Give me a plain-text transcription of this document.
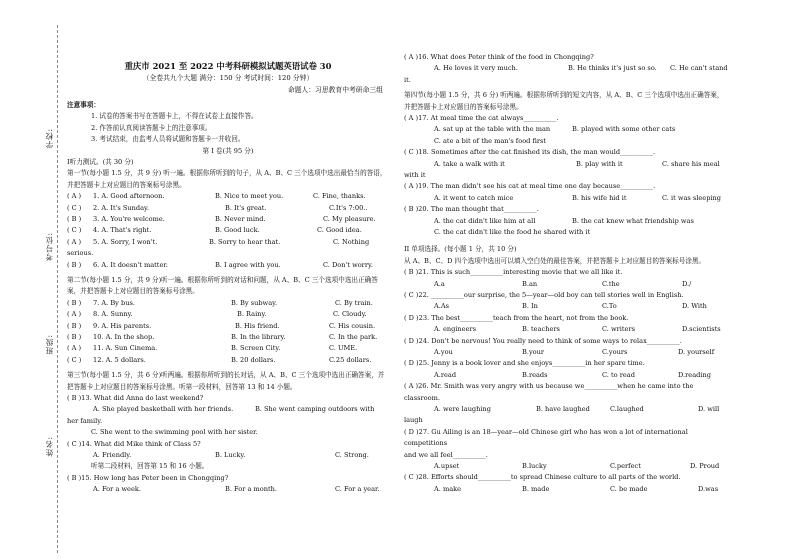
学校:
考号位:
班级:
姓名:
重庆市 2021 至 2022 中考科研模拟试题英语试卷 30
（全卷共九个大题 满分：150 分 考试时间：120 分钟）
命题人：习思教育中考研命三组
注意事项：
1. 试卷的答案书写在答题卡上，不得在试卷上直接作答。
2. 作答前认真阅读答题卡上的注意事项。
3. 考试结束，由监考人员将试题和答题卡一并收回。
第 I 卷(共 95 分)
I听力测试。(共 30 分)
第一节(每小题 1.5 分，共 9 分) 听一遍。根据你所听到的句子，从 A、B、C 三个选项中选出最恰当的答语，并把答题卡上对应题目的答案标号涂黑。
( A ) 1. A. Good afternoon.	B. Nice to meet you.	C. Fine, thanks.
( C ) 2. A. It's Sunday.	B. It's great.	C.It's 7:00..
( B ) 3. A. You're welcome.	B. Never mind.	C. My pleasure.
( C ) 4. A. That's right.	B. Good luck.	C. Good idea.
( A ) 5. A. Sorry, I won't.	B. Sorry to hear that.	C. Nothing
serious.
( B ) 6. A. It doesn't matter.	B. I agree with you.	C. Don't worry.
第二节(每小题 1.5 分，共 9 分)听一遍。根据你所听到的对话和问题，从 A、B、C 三个选项中选出正确答案，并把答题卡上对应题目的答案标号涂黑。
( B ) 7. A. By bus.	B. By subway.	C. By train.
( A ) 8. A. Sunny.	B. Rainy.	C. Cloudy.
( B ) 9. A. His parents.	B. His friend.	C. His cousin.
( B ) 10. A. In the shop.	B. In the library.	C. In the park.
( A ) 11. A. Sun Cinema.	B. Screen City.	C. UME.
( C ) 12. A. 5 dollars.	B. 20 dollars.	C.25 dollars.
第三节(每小题 1.5 分，共 6 分)听两遍。根据你所听到的长对话，从 A、B、C 三个选项中选出正确答案，并把答题卡上对应题目的答案标号涂黑。听第一段材料，回答第 13 和 14 小题。
( B )13. What did Anna do last weekend?
A. She played basketball with her friends.	B. She went camping outdoors with
her family.
C. She went to the swimming pool with her sister.
( C )14. What did Mike think of Class 5?
A. Friendly.	B. Lucky.	C. Strong.
听第二段材料，回答第 15 和 16 小题。
( B )15. How long has Peter been in Chongqing?
A. For a week.	B. For a month.	C. For a year.
( A )16. What does Peter think of the food in Chongqing?
A. He loves it very much.	B. He thinks it's just so so. C. He can't stand
it.
第四节(每小题 1.5 分，共 6 分) 听两遍。根据你所听到的短文内容，从 A、B、C 三个选项中选出正确答案，并把答题卡上对应题目的答案标号涂黑。
( A )17. At meal time the cat always__________.
A. sat up at the table with the man	B. played with some other cats
C. ate a bit of the man's food first
( C )18. Sometimes after the cat finished its dish, the man would__________.
A. take a walk with it	B. play with it	C. share his meal
with it
( A )19. The man didn't see his cat at meal time one day because__________.
A. it went to catch mice	B. his wife hid it	C. it was sleeping
( B )20. The man thought that__________.
A. the cat didn't like him at all	B. the cat knew what friendship was
C. the cat didn't like the food he shared with it
II 单项选择。(每小题 1 分，共 10 分)
从 A、B、C、D 四个选项中选出可以填入空白处的最佳答案，并把答题卡上对应题目的答案标号涂黑。
( B )21. This is such__________interesting movie that we all like it.
A.a	B.an	C.the	D./
( C )22. __________our surprise, the 5—year—old boy can tell stories well in English.
A.As	B. In	C.To	D. With
( D )23. The best__________teach from the heart, not from the book.
A. engineers	B. teachers	C. writers	D.scientists
( D )24. Don't be nervous! You really need to think of some ways to relax__________.
A.you	B.your	C.yours	D. yourself
( D )25. Jenny is a book lover and she enjoys__________in her spare time.
A.read	B.reads	C. to read	D.reading
( A )26. Mr. Smith was very angry with us because we__________when he came into the
classroom.
A. were laughing	B. have laughed	C.laughed	D. will
laugh
( D )27. Gu Ailing is an 18—year—old Chinese girl who has won a lot of international
competitions
and we all feel__________.
A.upset	B.lucky	C.perfect	D. Proud
( C )28. Efforts should__________to spread Chinese culture to all parts of the world.
A. make	B. made	C. be made	D.was
